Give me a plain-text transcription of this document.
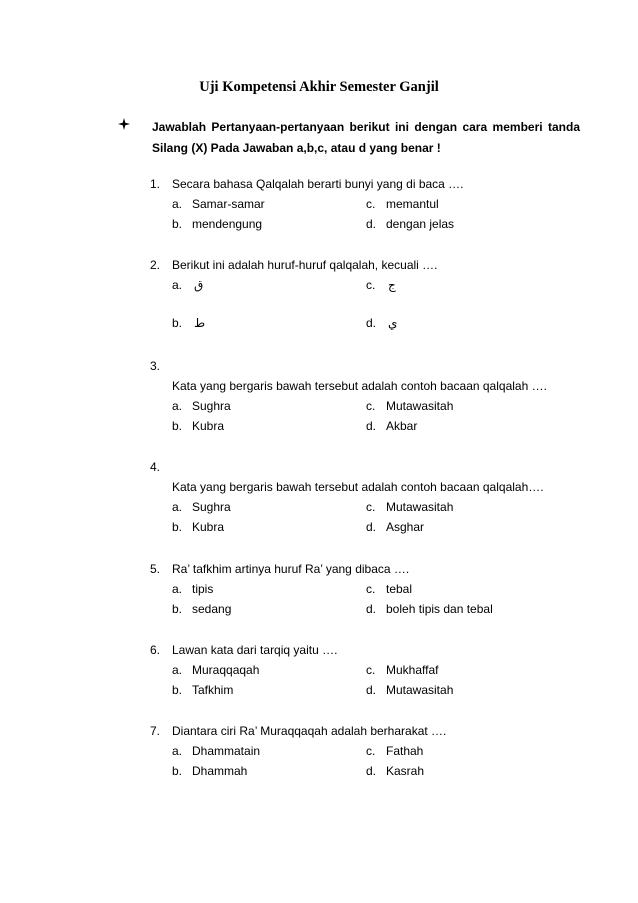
Uji Kompetensi Akhir Semester Ganjil
Jawablah Pertanyaan-pertanyaan berikut ini dengan cara memberi tanda Silang (X) Pada Jawaban a,b,c, atau d yang benar !
1. Secara bahasa Qalqalah berarti bunyi yang di baca ….
a. Samar-samar	c. memantul
b. mendengung	d. dengan jelas
2. Berikut ini adalah huruf-huruf qalqalah, kecuali ….
a. ق	c.	ج
b. ط	d. ي
3.
Kata yang bergaris bawah tersebut adalah contoh bacaan qalqalah ….
a. Sughra	c. Mutawasitah
b. Kubra	d. Akbar
4.
Kata yang bergaris bawah tersebut adalah contoh bacaan qalqalah….
a. Sughra	c. Mutawasitah
b. Kubra	d. Asghar
5. Ra’ tafkhim artinya huruf Ra’ yang dibaca ….
a. tipis	c. tebal
b. sedang	d. boleh tipis dan tebal
6. Lawan kata dari tarqiq yaitu ….
a. Muraqqaqah	c. Mukhaffaf
b. Tafkhim	d. Mutawasitah
7. Diantara ciri Ra’ Muraqqaqah adalah berharakat ….
a. Dhammatain	c. Fathah
b. Dhammah	d. Kasrah
